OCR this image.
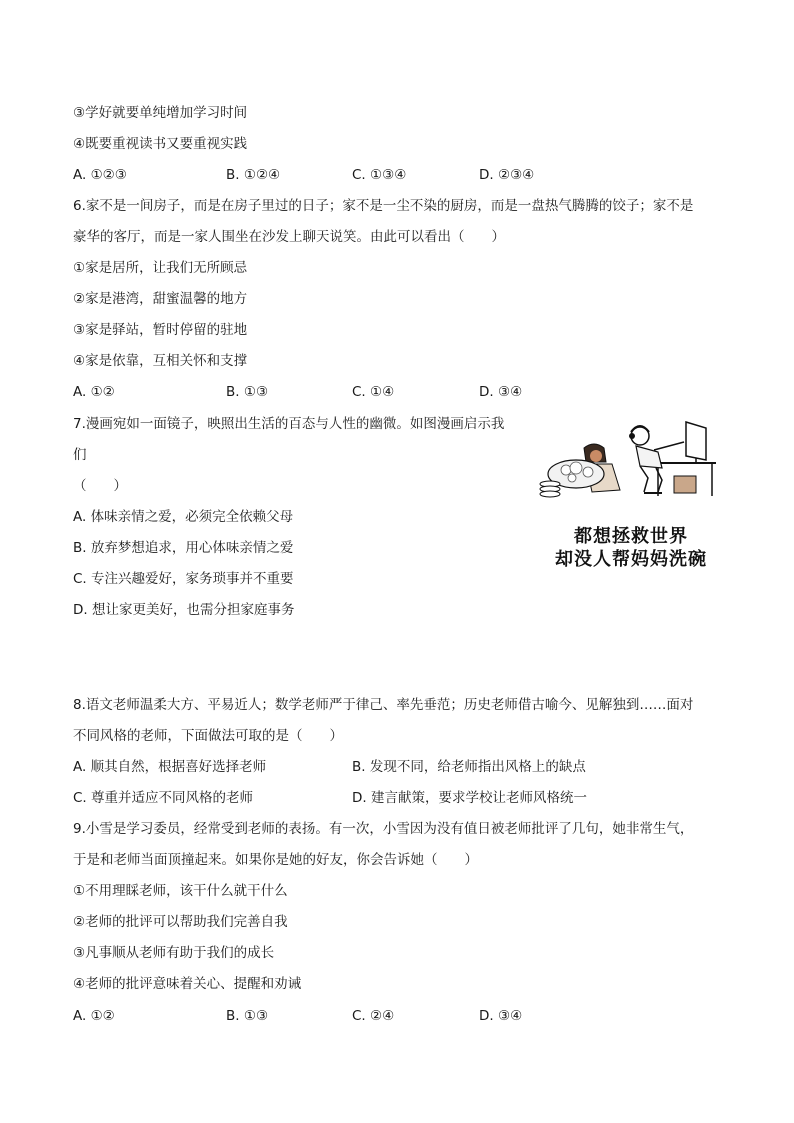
③学好就要单纯增加学习时间
④既要重视读书又要重视实践
A. ①②③	B. ①②④	C. ①③④	D. ②③④
6.家不是一间房子，而是在房子里过的日子；家不是一尘不染的厨房，而是一盘热气腾腾的饺子；家不是
豪华的客厅，而是一家人围坐在沙发上聊天说笑。由此可以看出（　　）
①家是居所，让我们无所顾忌
②家是港湾，甜蜜温馨的地方
③家是驿站，暂时停留的驻地
④家是依靠，互相关怀和支撑
A. ①②	B. ①③	C. ①④	D. ③④
7.漫画宛如一面镜子，映照出生活的百态与人性的幽微。如图漫画启示我
们
（　　）
A. 体味亲情之爱，必须完全依赖父母
B. 放弃梦想追求，用心体味亲情之爱
C. 专注兴趣爱好，家务琐事并不重要
D. 想让家更美好，也需分担家庭事务
都想拯救世界
却没人帮妈妈洗碗
8.语文老师温柔大方、平易近人；数学老师严于律己、率先垂范；历史老师借古喻今、见解独到……面对
不同风格的老师，下面做法可取的是（　　）
A. 顺其自然，根据喜好选择老师	B. 发现不同，给老师指出风格上的缺点
C. 尊重并适应不同风格的老师	D. 建言献策，要求学校让老师风格统一
9.小雪是学习委员，经常受到老师的表扬。有一次，小雪因为没有值日被老师批评了几句，她非常生气，
于是和老师当面顶撞起来。如果你是她的好友，你会告诉她（　　）
①不用理睬老师，该干什么就干什么
②老师的批评可以帮助我们完善自我
③凡事顺从老师有助于我们的成长
④老师的批评意味着关心、提醒和劝诫
A. ①②	B. ①③	C. ②④	D. ③④
